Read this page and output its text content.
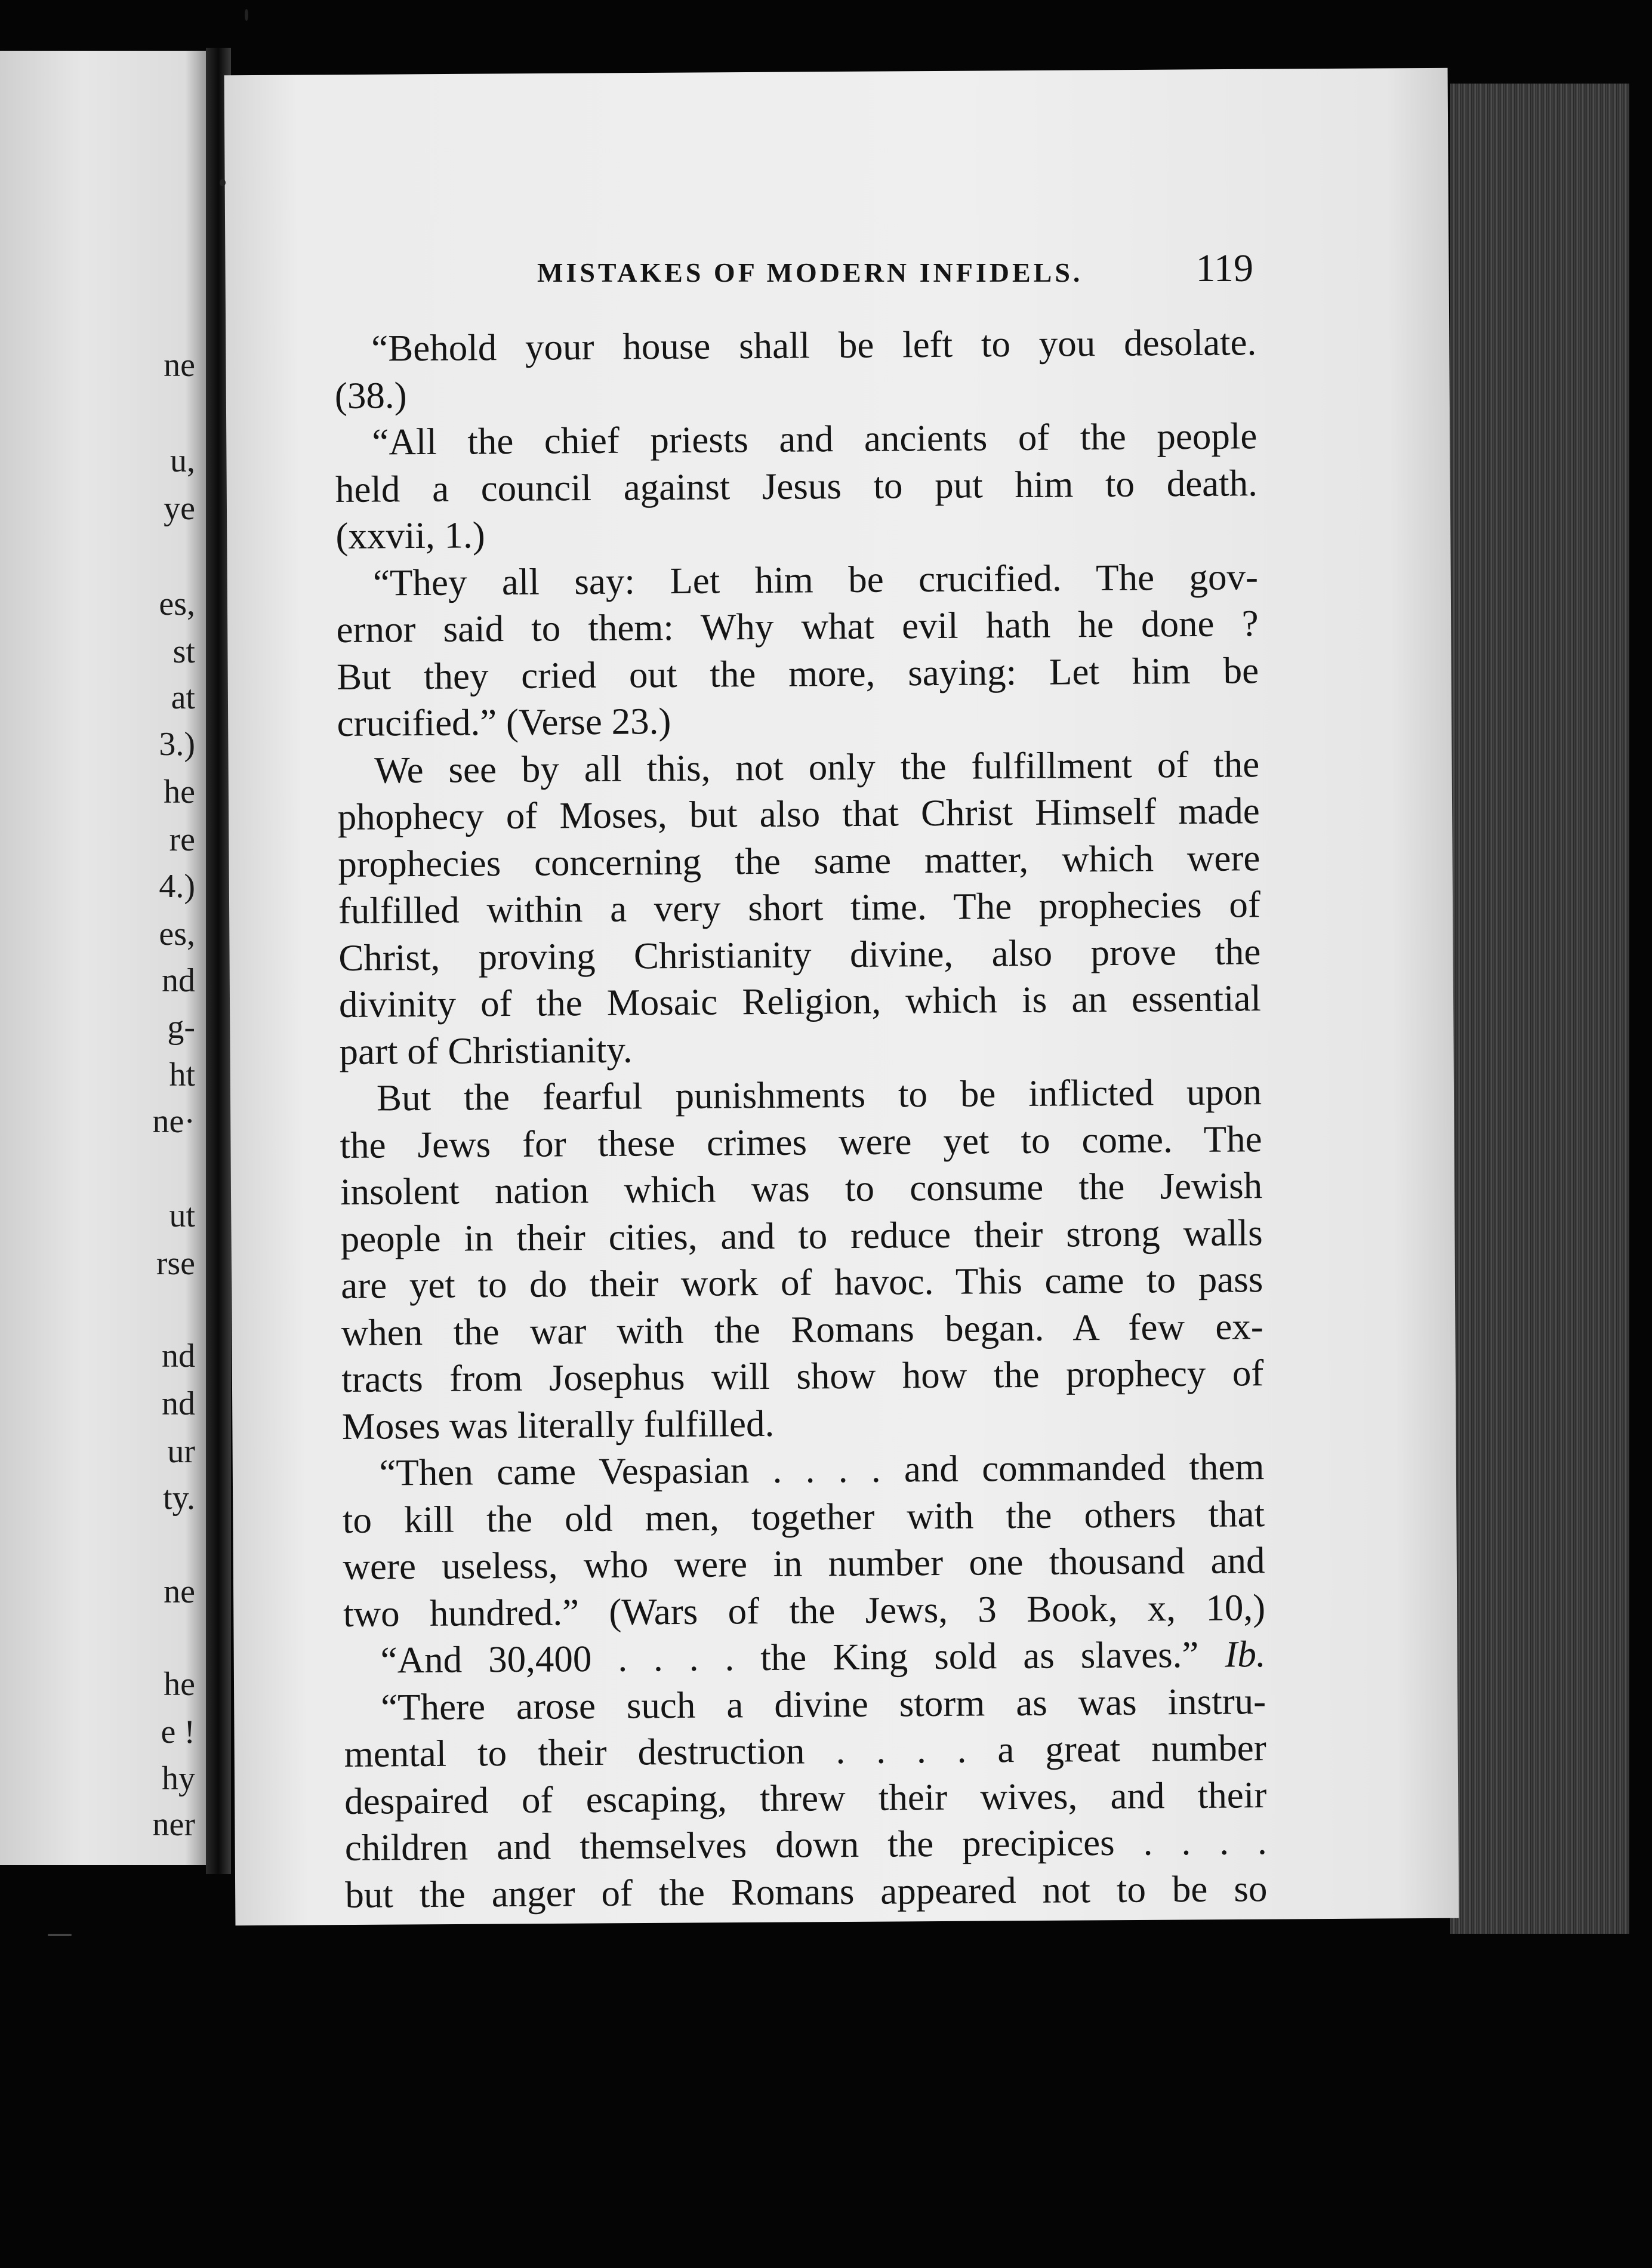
ne
u,
ye
es,
st
at
3.)
he
re
4.)
es,
nd
g-
ht
ne·
ut
rse
nd
nd
ur
ty.
ne
he
e !
hy
ner
MISTAKES OF MODERN INFIDELS.	119
“Behold your house shall be left to you desolate.
(38.)
“All the chief priests and ancients of the people
held a council against Jesus to put him to death.
(xxvii, 1.)
“They all say: Let him be crucified. The gov-
ernor said to them: Why what evil hath he done ?
But they cried out the more, saying: Let him be
crucified.” (Verse 23.)
We see by all this, not only the fulfillment of the
phophecy of Moses, but also that Christ Himself made
prophecies concerning the same matter, which were
fulfilled within a very short time. The prophecies of
Christ, proving Christianity divine, also prove the
divinity of the Mosaic Religion, which is an essential
part of Christianity.
But the fearful punishments to be inflicted upon
the Jews for these crimes were yet to come. The
insolent nation which was to consume the Jewish
people in their cities, and to reduce their strong walls
are yet to do their work of havoc. This came to pass
when the war with the Romans began. A few ex-
tracts from Josephus will show how the prophecy of
Moses was literally fulfilled.
“Then came Vespasian . . . . and commanded them
to kill the old men, together with the others that
were useless, who were in number one thousand and
two hundred.” (Wars of the Jews, 3 Book, x, 10,)
“And 30,400 . . . . the King sold as slaves.” Ib.
“There arose such a divine storm as was instru-
mental to their destruction . . . . a great number
despaired of escaping, threw their wives, and their
children and themselves down the precipices . . . .
but the anger of the Romans appeared not to be so
